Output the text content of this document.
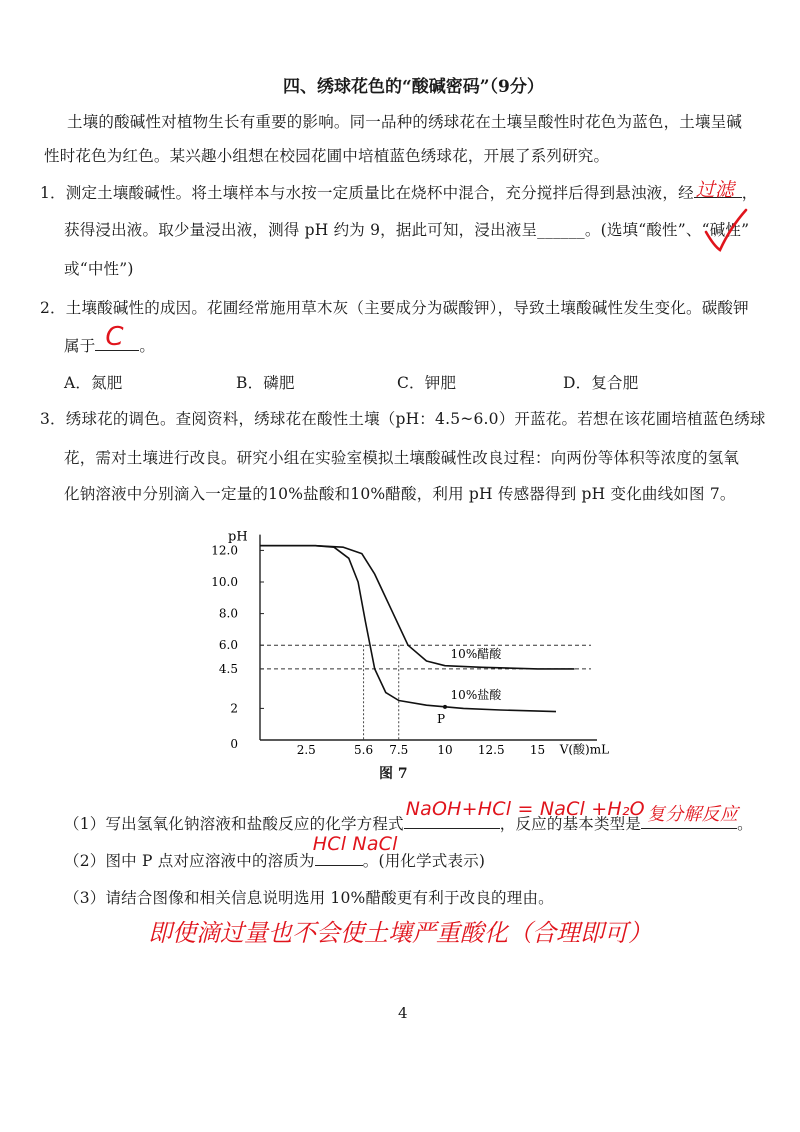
四、绣球花色的“酸碱密码”（9分）
土壤的酸碱性对植物生长有重要的影响。同一品种的绣球花在土壤呈酸性时花色为蓝色，土壤呈碱
性时花色为红色。某兴趣小组想在校园花圃中培植蓝色绣球花，开展了系列研究。
1．测定土壤酸碱性。将土壤样本与水按一定质量比在烧杯中混合，充分搅拌后得到悬浊液，经 过滤 ，
获得浸出液。取少量浸出液，测得 pH 约为 9，据此可知，浸出液呈______。(选填“酸性”、“碱性”
或“中性”)
2．土壤酸碱性的成因。花圃经常施用草木灰（主要成分为碳酸钾），导致土壤酸碱性发生变化。碳酸钾
属于 C 。
A．氮肥	B．磷肥	C．钾肥	D．复合肥
3．绣球花的调色。查阅资料，绣球花在酸性土壤（pH：4.5~6.0）开蓝花。若想在该花圃培植蓝色绣球
花，需对土壤进行改良。研究小组在实验室模拟土壤酸碱性改良过程：向两份等体积等浓度的氢氧
化钠溶液中分别滴入一定量的10%盐酸和10%醋酸，利用 pH 传感器得到 pH 变化曲线如图 7。
pH
V(酸)mL
0
2
4.5
6.0
8.0
10.0
12.0
2.5	5.6 7.5 10 12.5 15
10%醋酸
10%盐酸
P
图 7
（1）写出氢氧化钠溶液和盐酸反应的化学方程式
NaOH+HCl = NaCl +H₂O
，反应的基本类型是 复分解反应 。
（2）图中 P 点对应溶液中的溶质为
HCl NaCl
。(用化学式表示)
（3）请结合图像和相关信息说明选用 10%醋酸更有利于改良的理由。
即使滴过量也不会使土壤严重酸化（合理即可）
4
